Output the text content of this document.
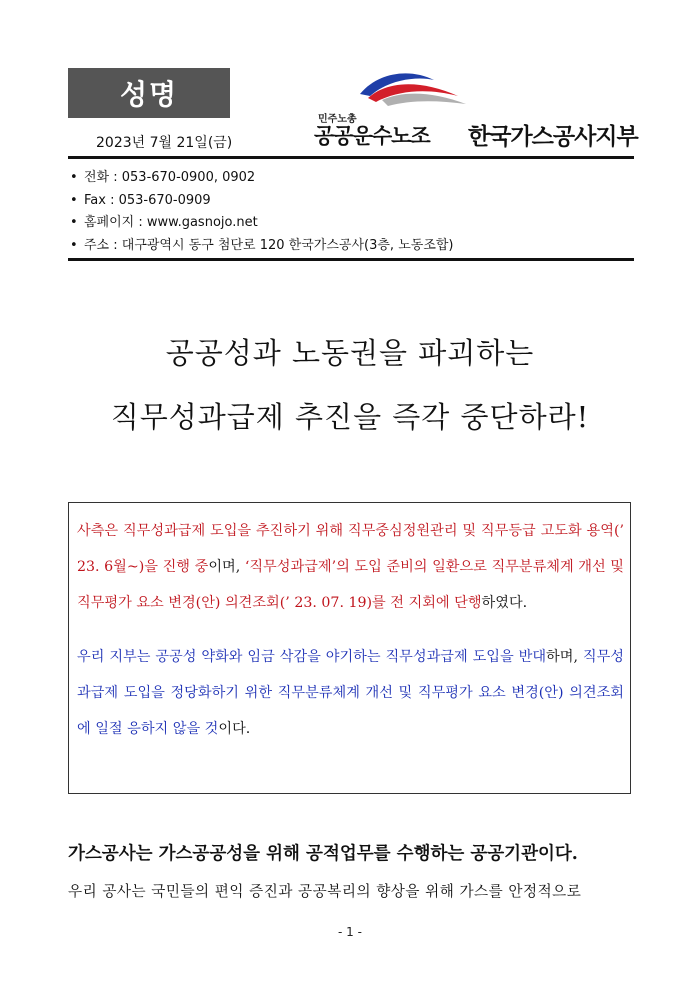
성명
2023년 7월 21일(금)
민주노총
공공운수노조 한국가스공사지부
• 전화 : 053-670-0900, 0902
• Fax : 053-670-0909
• 홈페이지 : www.gasnojo.net
• 주소 : 대구광역시 동구 첨단로 120 한국가스공사(3층, 노동조합)
공공성과 노동권을 파괴하는
직무성과급제 추진을 즉각 중단하라!

사측은 직무성과급제 도입을 추진하기 위해 직무중심정원관리 및 직무등급 고도화 용역(’ 23. 6월~)을 진행 중이며, ‘직무성과급제’의 도입 준비의 일환으로 직무분류체계 개선 및 직무평가 요소 변경(안) 의견조회(’ 23. 07. 19)를 전 지회에 단행하였다.

우리 지부는 공공성 약화와 임금 삭감을 야기하는 직무성과급제 도입을 반대하며, 직무성과급제 도입을 정당화하기 위한 직무분류체계 개선 및 직무평가 요소 변경(안) 의견조회에 일절 응하지 않을 것이다.

가스공사는 가스공공성을 위해 공적업무를 수행하는 공공기관이다.
우리 공사는 국민들의 편익 증진과 공공복리의 향상을 위해 가스를 안정적으로
- 1 -
